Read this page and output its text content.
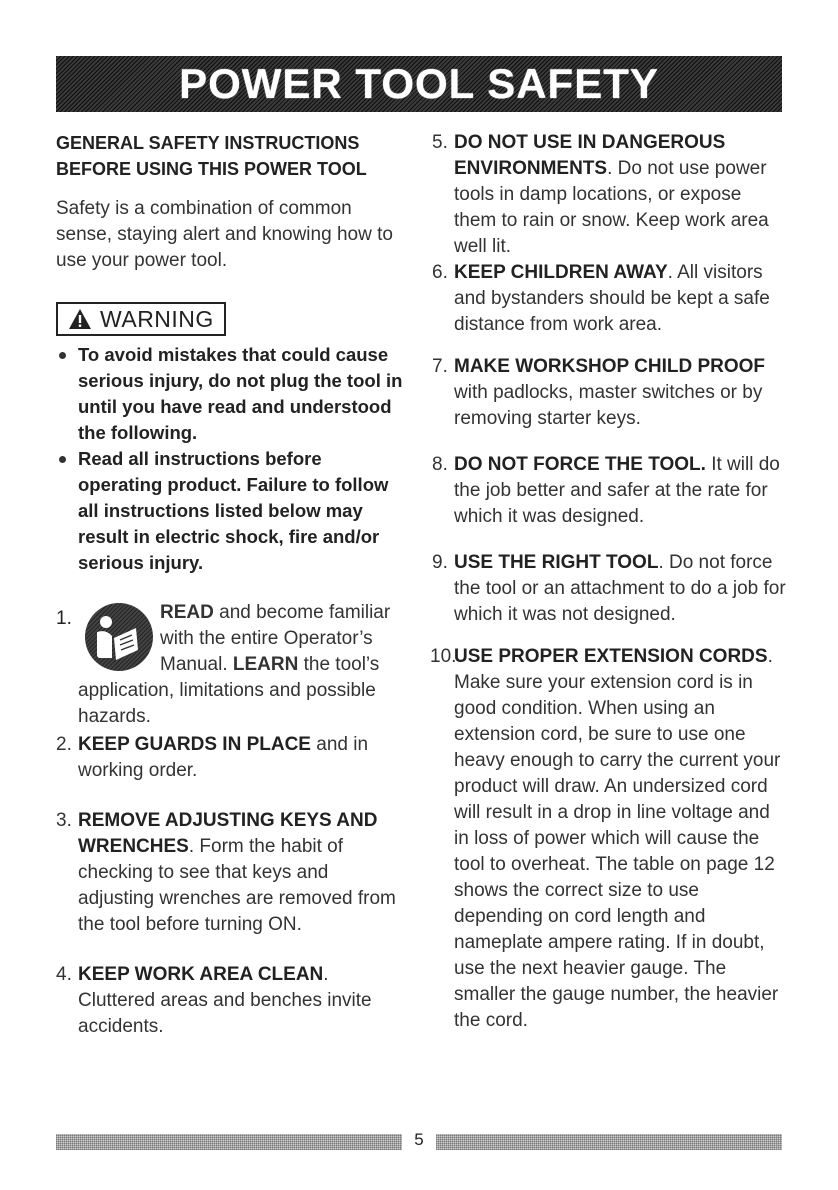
POWER TOOL SAFETY
GENERAL SAFETY INSTRUCTIONS
BEFORE USING THIS POWER TOOL

Safety is a combination of common sense, staying alert and knowing how to use your power tool.

WARNING
To avoid mistakes that could cause serious injury, do not plug the tool in until you have read and understood the following.
Read all instructions before operating product. Failure to follow all instructions listed below may result in electric shock, fire and/or serious injury.
1.	READ and become familiar with the entire Operator’s Manual. LEARN the tool’s
application, limitations and possible hazards.
2. KEEP GUARDS IN PLACE and in working order.
3. REMOVE ADJUSTING KEYS AND WRENCHES. Form the habit of checking to see that keys and adjusting wrenches are removed from the tool before turning ON.
4. KEEP WORK AREA CLEAN. Cluttered areas and benches invite accidents.
5. DO NOT USE IN DANGEROUS ENVIRONMENTS. Do not use power tools in damp locations, or expose them to rain or snow. Keep work area well lit.
6. KEEP CHILDREN AWAY. All visitors and bystanders should be kept a safe distance from work area.
7. MAKE WORKSHOP CHILD PROOF with padlocks, master switches or by removing starter keys.
8. DO NOT FORCE THE TOOL. It will do the job better and safer at the rate for which it was designed.
9. USE THE RIGHT TOOL. Do not force the tool or an attachment to do a job for which it was not designed.
10.
USE PROPER EXTENSION CORDS. Make sure your extension cord is in good condition. When using an extension cord, be sure to use one heavy enough to carry the current your product will draw. An undersized cord will result in a drop in line voltage and in loss of power which will cause the tool to overheat. The table on page 12 shows the correct size to use depending on cord length and nameplate ampere rating. If in doubt, use the next heavier gauge. The smaller the gauge number, the heavier the cord.
5
